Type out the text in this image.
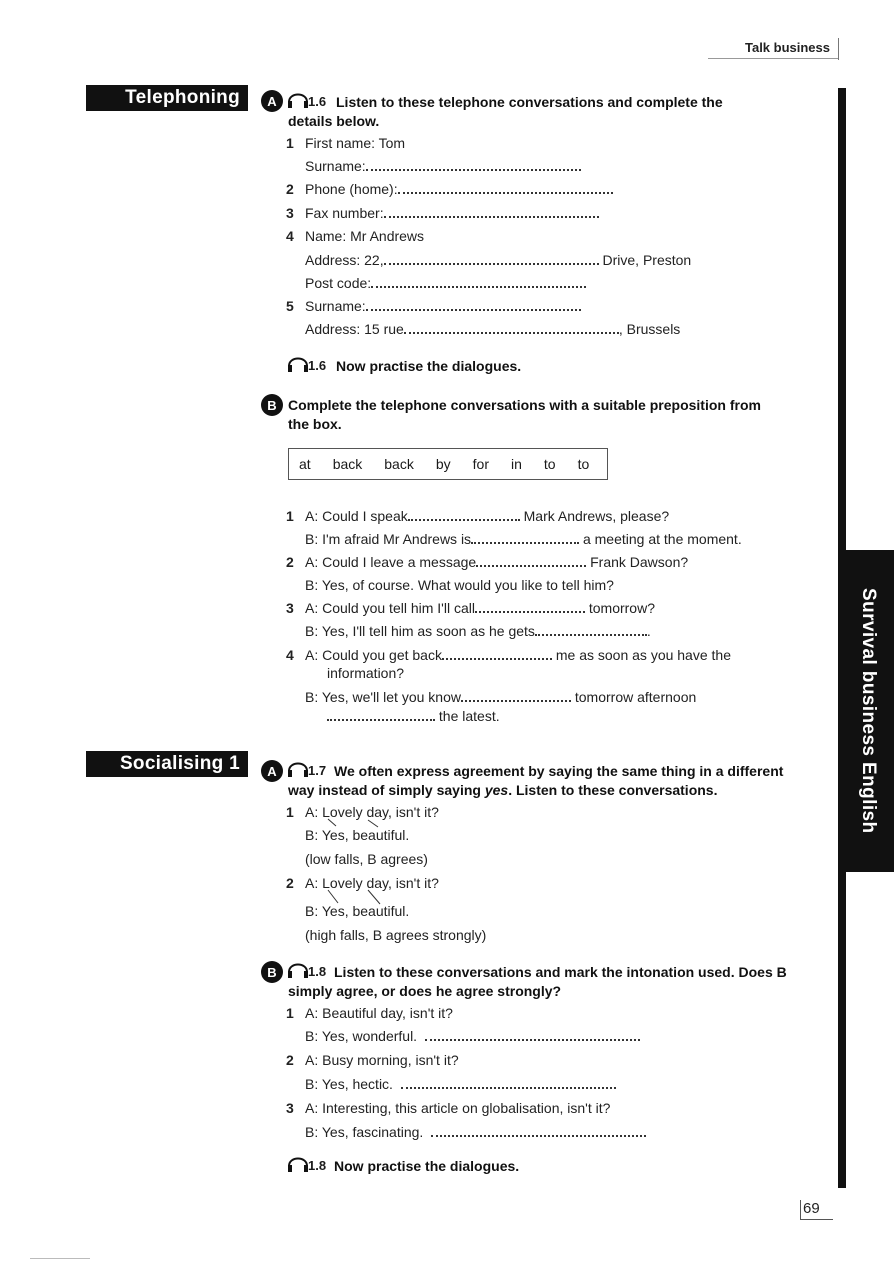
Talk business
Survival business English
Telephoning	A	1.6 Listen to these telephone conversations and complete the details below.
1 First name: Tom
Surname:
2 Phone (home):
3 Fax number:
4 Name: Mr Andrews
Address: 22,	Drive, Preston
Post code:
5 Surname:
Address: 15 rue	, Brussels
1.6 Now practise the dialogues.
B Complete the telephone conversations with a suitable preposition from the box.
at back back by for in to to
1 A: Could I speak	Mark Andrews, please?
B: I'm afraid Mr Andrews is	a meeting at the moment.
2 A: Could I leave a message	Frank Dawson?
B: Yes, of course. What would you like to tell him?
3 A: Could you tell him I'll call	tomorrow?
B: Yes, I'll tell him as soon as he gets	.
4 A: Could you get back	me as soon as you have the
information?
B: Yes, we'll let you know	tomorrow afternoon
the latest.
Socialising 1	A	1.7 We often express agreement by saying the same thing in a different way instead of simply saying yes. Listen to these conversations.
1 A: Lovely day, isn't it?
B: Yes, beautiful.
(low falls, B agrees)
2 A: Lovely day, isn't it?
B: Yes, beautiful.
(high falls, B agrees strongly)
B	1.8 Listen to these conversations and mark the intonation used. Does B simply agree, or does he agree strongly?
1 A: Beautiful day, isn't it?
B: Yes, wonderful.
2 A: Busy morning, isn't it?
B: Yes, hectic.
3 A: Interesting, this article on globalisation, isn't it?
B: Yes, fascinating.
1.8 Now practise the dialogues.
69
